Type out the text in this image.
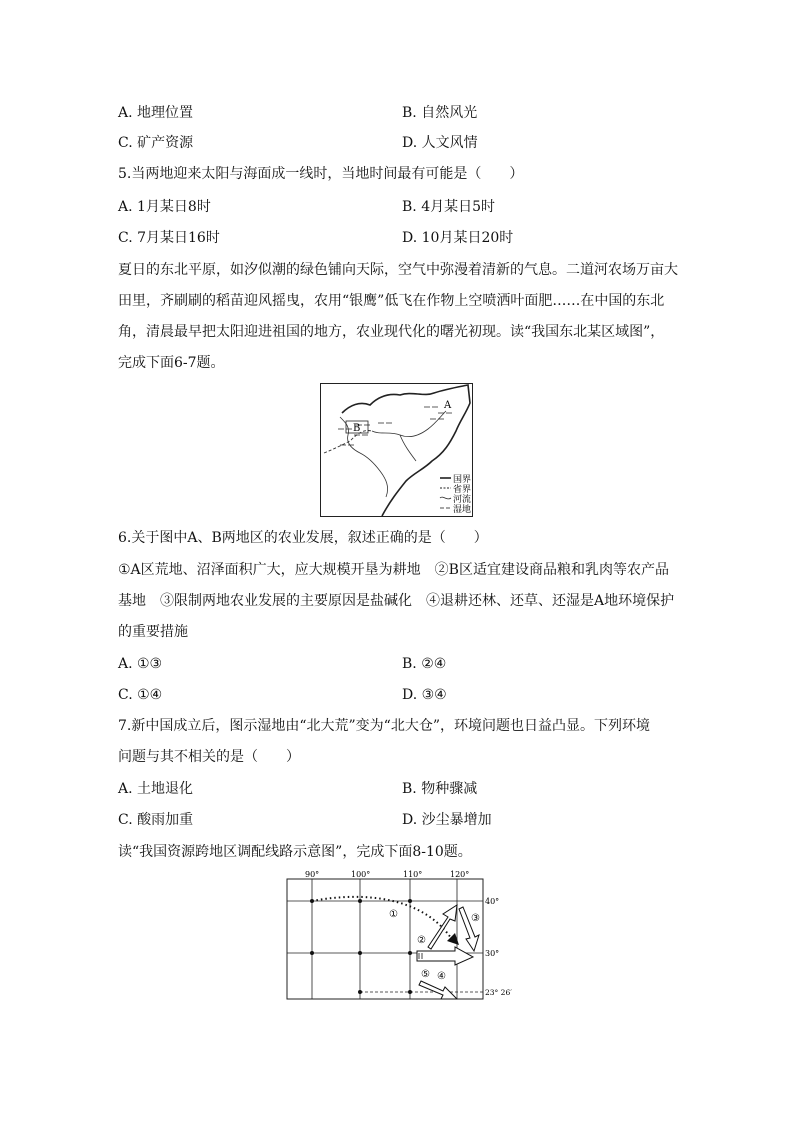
A. 地理位置	B. 自然风光
C. 矿产资源	D. 人文风情
5.当两地迎来太阳与海面成一线时，当地时间最有可能是（　　）
A. 1月某日8时	B. 4月某日5时
C. 7月某日16时	D. 10月某日20时
夏日的东北平原，如汐似潮的绿色铺向天际，空气中弥漫着清新的气息。二道河农场万亩大
田里，齐刷刷的稻苗迎风摇曳，农用“银鹰”低飞在作物上空喷洒叶面肥……在中国的东北
角，清晨最早把太阳迎进祖国的地方，农业现代化的曙光初现。读“我国东北某区域图”，
完成下面6-7题。
A
B
国界
省界
河流
湿地
6.关于图中A、B两地区的农业发展，叙述正确的是（　　）
①A区荒地、沼泽面积广大，应大规模开垦为耕地　②B区适宜建设商品粮和乳肉等农产品
基地　③限制两地农业发展的主要原因是盐碱化　④退耕还林、还草、还湿是A地环境保护
的重要措施
A. ①③	B. ②④
C. ①④	D. ③④
7.新中国成立后，图示湿地由“北大荒”变为“北大仓”，环境问题也日益凸显。下列环境
问题与其不相关的是（　　）
A. 土地退化	B. 物种骤减
C. 酸雨加重	D. 沙尘暴增加
读“我国资源跨地区调配线路示意图”，完成下面8-10题。
90°	100°	110°	120°
40°
30°
23° 26′
①
②
③
④
⑤
